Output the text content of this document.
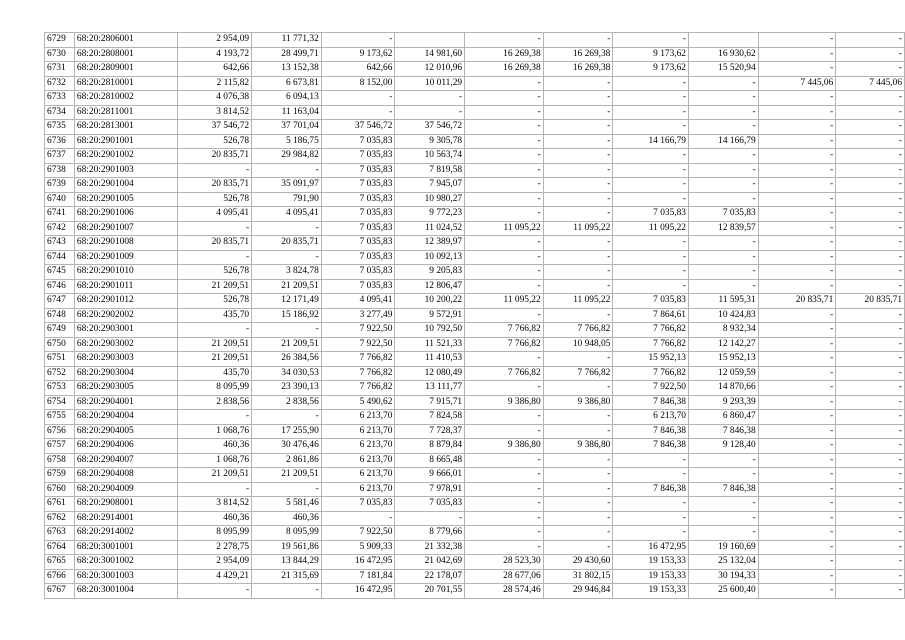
6729	68:20:2806001	2 954,09	11 771,32	-		-	-	-		-	-
6730	68:20:2808001	4 193,72	28 499,71	9 173,62	14 981,60	16 269,38	16 269,38	9 173,62	16 930,62	-	-
6731	68:20:2809001	642,66	13 152,38	642,66	12 010,96	16 269,38	16 269,38	9 173,62	15 520,94	-	-
6732	68:20:2810001	2 115,82	6 673,81	8 152,00	10 011,29	-	-	-	-	7 445,06	7 445,06
6733	68:20:2810002	4 076,38	6 094,13	-	-	-	-	-	-	-	-
6734	68:20:2811001	3 814,52	11 163,04	-	-	-	-	-	-	-	-
6735	68:20:2813001	37 546,72	37 701,04	37 546,72	37 546,72	-	-	-	-	-	-
6736	68:20:2901001	526,78	5 186,75	7 035,83	9 305,78	-	-	14 166,79	14 166,79	-	-
6737	68:20:2901002	20 835,71	29 984,82	7 035,83	10 563,74	-	-	-	-	-	-
6738	68:20:2901003	-	-	7 035,83	7 819,58	-	-	-	-	-	-
6739	68:20:2901004	20 835,71	35 091,97	7 035,83	7 945,07	-	-	-	-	-	-
6740	68:20:2901005	526,78	791,90	7 035,83	10 980,27	-	-	-	-	-	-
6741	68:20:2901006	4 095,41	4 095,41	7 035,83	9 772,23	-	-	7 035,83	7 035,83	-	-
6742	68:20:2901007	-	-	7 035,83	11 024,52	11 095,22	11 095,22	11 095,22	12 839,57	-	-
6743	68:20:2901008	20 835,71	20 835,71	7 035,83	12 389,97	-	-	-	-	-	-
6744	68:20:2901009	-	-	7 035,83	10 092,13	-	-	-	-	-	-
6745	68:20:2901010	526,78	3 824,78	7 035,83	9 205,83	-	-	-	-	-	-
6746	68:20:2901011	21 209,51	21 209,51	7 035,83	12 806,47	-	-	-	-	-	-
6747	68:20:2901012	526,78	12 171,49	4 095,41	10 200,22	11 095,22	11 095,22	7 035,83	11 595,31	20 835,71	20 835,71
6748	68:20:2902002	435,70	15 186,92	3 277,49	9 572,91	-	-	7 864,61	10 424,83	-	-
6749	68:20:2903001	-	-	7 922,50	10 792,50	7 766,82	7 766,82	7 766,82	8 932,34	-	-
6750	68:20:2903002	21 209,51	21 209,51	7 922,50	11 521,33	7 766,82	10 948,05	7 766,82	12 142,27	-	-
6751	68:20:2903003	21 209,51	26 384,56	7 766,82	11 410,53	-	-	15 952,13	15 952,13	-	-
6752	68:20:2903004	435,70	34 030,53	7 766,82	12 080,49	7 766,82	7 766,82	7 766,82	12 059,59	-	-
6753	68:20:2903005	8 095,99	23 390,13	7 766,82	13 111,77	-	-	7 922,50	14 870,66	-	-
6754	68:20:2904001	2 838,56	2 838,56	5 490,62	7 915,71	9 386,80	9 386,80	7 846,38	9 293,39	-	-
6755	68:20:2904004	-	-	6 213,70	7 824,58	-	-	6 213,70	6 860,47	-	-
6756	68:20:2904005	1 068,76	17 255,90	6 213,70	7 728,37	-	-	7 846,38	7 846,38	-	-
6757	68:20:2904006	460,36	30 476,46	6 213,70	8 879,84	9 386,80	9 386,80	7 846,38	9 128,40	-	-
6758	68:20:2904007	1 068,76	2 861,86	6 213,70	8 665,48	-	-	-	-	-	-
6759	68:20:2904008	21 209,51	21 209,51	6 213,70	9 666,01	-	-	-	-	-	-
6760	68:20:2904009	-	-	6 213,70	7 978,91	-	-	7 846,38	7 846,38	-	-
6761	68:20:2908001	3 814,52	5 581,46	7 035,83	7 035,83	-	-	-	-	-	-
6762	68:20:2914001	460,36	460,36	-	-	-	-	-	-	-	-
6763	68:20:2914002	8 095,99	8 095,99	7 922,50	8 779,66	-	-	-	-	-	-
6764	68:20:3001001	2 278,75	19 561,86	5 909,33	21 332,38	-	-	16 472,95	19 160,69	-	-
6765	68:20:3001002	2 954,09	13 844,29	16 472,95	21 042,69	28 523,30	29 430,60	19 153,33	25 132,04	-	-
6766	68:20:3001003	4 429,21	21 315,69	7 181,84	22 178,07	28 677,06	31 802,15	19 153,33	30 194,33	-	-
6767	68:20:3001004	-	-	16 472,95	20 701,55	28 574,46	29 946,84	19 153,33	25 600,40	-	-
